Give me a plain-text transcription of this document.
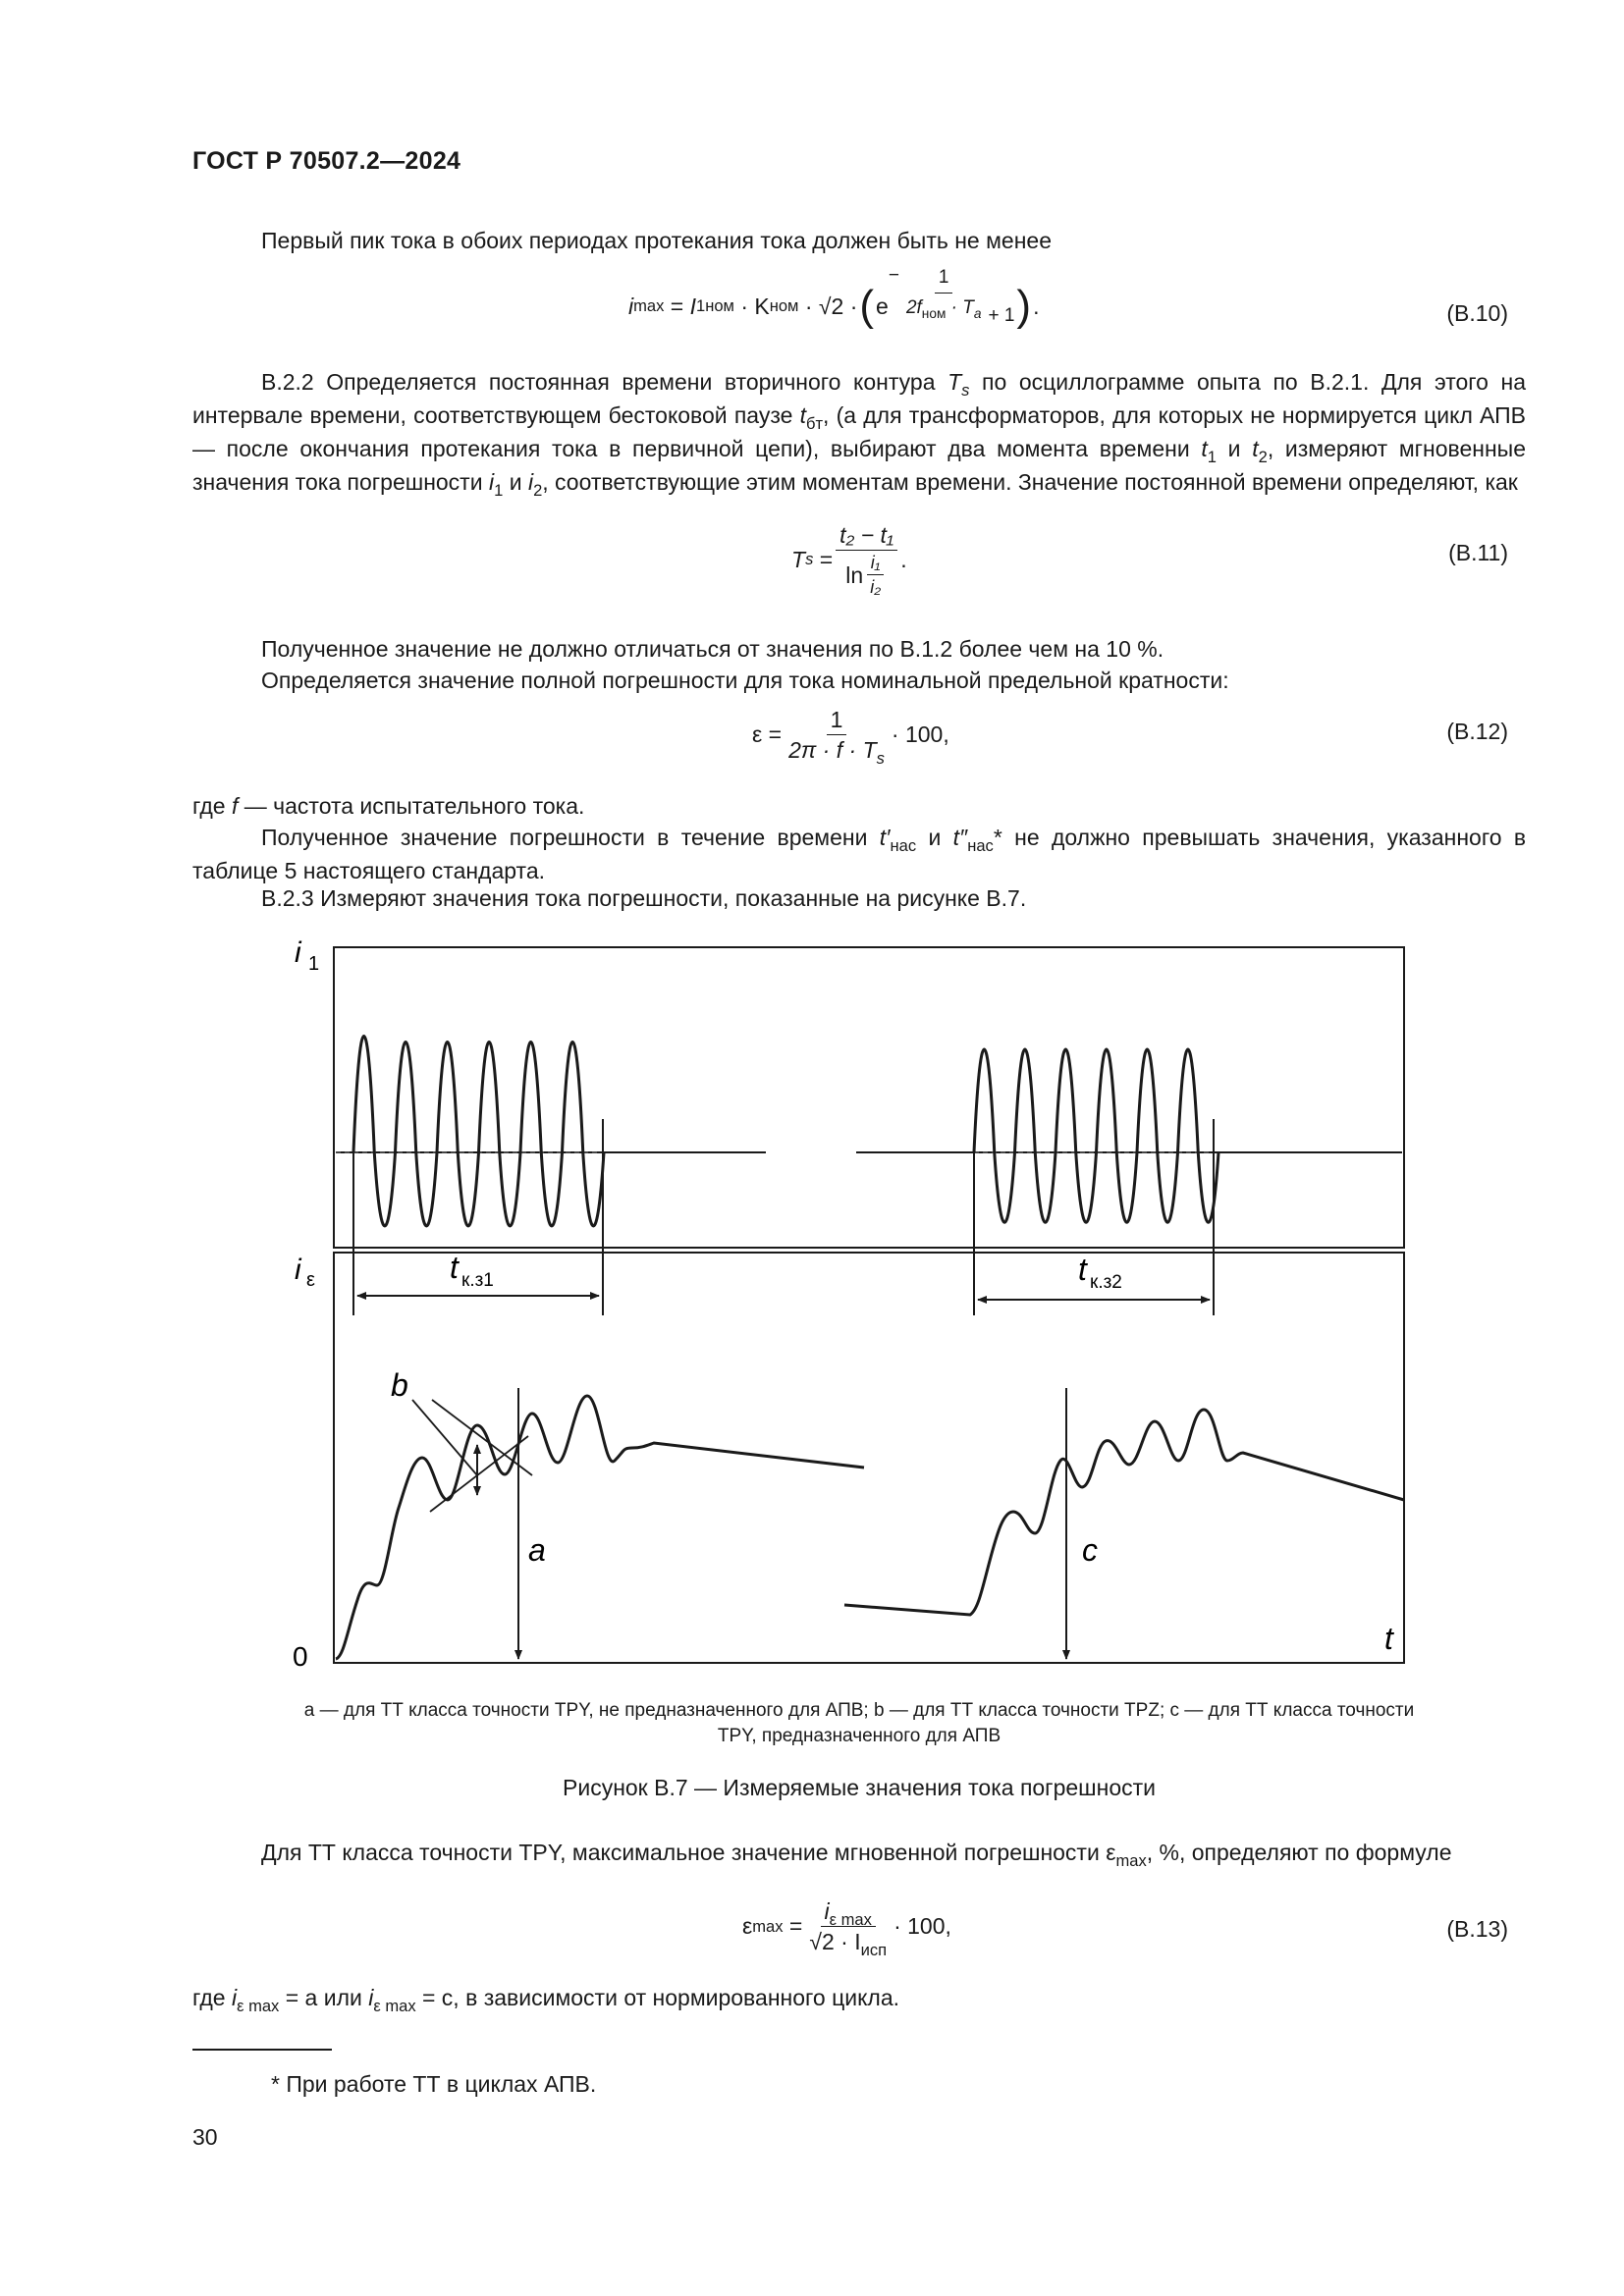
ГОСТ Р 70507.2—2024
Первый пик тока в обоих периодах протекания тока должен быть не менее
i max
=
I 1ном
·
K ном
·
√2
· ( e
− $\frac{1}{2f_{ном} \cdot T_a} + 1$ ) .	(В.10)
В.2.2 Определяется постоянная времени вторичного контура $T_s$ по осциллограмме опыта по В.2.1. Для этого на интервале времени, соответствующем бестоковой паузе $t_{бт}$, (а для трансформаторов, для которых не нормируется цикл АПВ — после окончания протекания тока в первичной цепи), выбирают два момента времени $t_1$ и $t_2$, измеряют мгновенные значения тока погрешности $i_1$ и $i_2$, соответствующие этим моментам времени. Значение постоянной времени определяют, как
T s
= $\frac{\text{t₂ − t₁}}{\ln \frac{\text{i₁}}{\text{i₂}}}$ .	(В.11)
Полученное значение не должно отличаться от значения по В.1.2 более чем на 10 %.
Определяется значение полной погрешности для тока номинальной предельной кратности:
ε
= $\frac{1}{2\pi \cdot f \cdot T_s} \cdot 100$,	(В.12)
где f — частота испытательного тока.
Полученное значение погрешности в течение времени $t'_{нас}$ и $t''_{нас}*$ не должно превышать значения, указанного в таблице 5 настоящего стандарта.
В.2.3 Измеряют значения тока погрешности, показанные на рисунке В.7.
i 1
i ε
0
t
t к.з1	t к.з2
b
a	c
a — для ТТ класса точности TPY, не предназначенного для АПВ; b — для ТТ класса точности TPZ; c — для ТТ класса точности
TPY, предназначенного для АПВ
Рисунок В.7 — Измеряемые значения тока погрешности
Для ТТ класса точности TPY, максимальное значение мгновенной погрешности $\varepsilon_{max}$, %, определяют по формуле
ε max
= $\frac{i_{\varepsilon max}}{√2 \cdot I_{исп}} \cdot 100$,	(В.13)
где $i_{\varepsilon max} = a$ или $i_{\varepsilon max} = c$, в зависимости от нормированного цикла.
* При работе ТТ в циклах АПВ.
30
